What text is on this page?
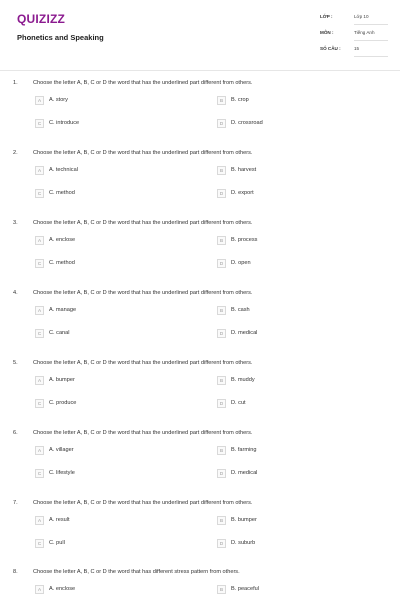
QUIZIZZ
Phonetics and Speaking
LỚP :	Lớp 10
MÔN :	Tiếng Anh
SỐ CÂU :	15
1.	Choose the letter A, B, C or D the word that has the underlined part different from others.
A	A. story	B	B. crop
C	C. introduce	D	D. crossroad
2.	Choose the letter A, B, C or D the word that has the underlined part different from others.
A	A. technical	B	B. harvest
C	C. method	D	D. export
3.	Choose the letter A, B, C or D the word that has the underlined part different from others.
A	A. enclose	B	B. process
C	C. method	D	D. open
4.	Choose the letter A, B, C or D the word that has the underlined part different from others.
A	A. manage	B	B. cash
C	C. canal	D	D. medical
5.	Choose the letter A, B, C or D the word that has the underlined part different from others.
A	A. bumper	B	B. muddy
C	C. produce	D	D. cut
6.	Choose the letter A, B, C or D the word that has the underlined part different from others.
A	A. villager	B	B. farming
C	C. lifestyle	D	D. medical
7.	Choose the letter A, B, C or D the word that has the underlined part different from others.
A	A. result	B	B. bumper
C	C. pull	D	D. suburb
8.	Choose the letter A, B, C or D the word that has different stress pattern from others.
A	A. enclose	B	B. peaceful
